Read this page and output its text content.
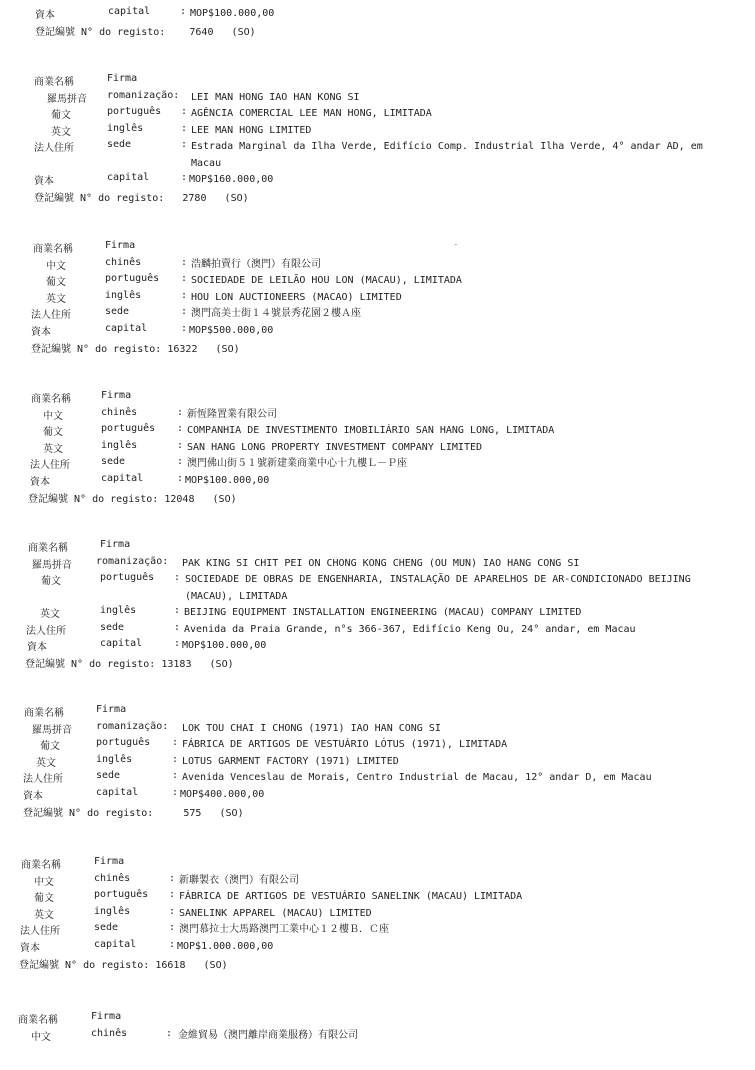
資本	capital	: MOP$100.000,00
登記編號 N° do registo: 7640 (SO)
商業名稱	Firma
羅馬拼音 romanização: LEI MAN HONG IAO HAN KONG SI
葡文	português : AGÊNCIA COMERCIAL LEE MAN HONG, LIMITADA
英文	inglês	: LEE MAN HONG LIMITED
法人住所	sede	: Estrada Marginal da Ilha Verde, Edifício Comp. Industrial Ilha Verde, 4° andar AD, em Macau
資本	capital	: MOP$160.000,00
登記編號 N° do registo: 2780 (SO)
商業名稱	Firma
中文	chinês	: 浩麟拍賣行（澳門）有限公司
葡文	português : SOCIEDADE DE LEILÃO HOU LON (MACAU), LIMITADA
英文	inglês	: HOU LON AUCTIONEERS (MACAO) LIMITED
法人住所	sede	: 澳門高美士街１４號景秀花園２樓Ａ座
資本	capital	: MOP$500.000,00
登記編號 N° do registo: 16322 (SO)
商業名稱	Firma
中文	chinês	: 新恆隆置業有限公司
葡文	português : COMPANHIA DE INVESTIMENTO IMOBILIÁRIO SAN HANG LONG, LIMITADA
英文	inglês	: SAN HANG LONG PROPERTY INVESTMENT COMPANY LIMITED
法人住所	sede	: 澳門佛山街５１號新建業商業中心十九樓Ｌ－Ｐ座
資本	capital	: MOP$100.000,00
登記編號 N° do registo: 12048 (SO)
商業名稱	Firma
羅馬拼音 romanização: PAK KING SI CHIT PEI ON CHONG KONG CHENG (OU MUN) IAO HANG CONG SI
葡文	português : SOCIEDADE DE OBRAS DE ENGENHARIA, INSTALAÇÃO DE APARELHOS DE AR-CONDICIONADO BEIJING (MACAU), LIMITADA
英文	inglês	: BEIJING EQUIPMENT INSTALLATION ENGINEERING (MACAU) COMPANY LIMITED
法人住所	sede	: Avenida da Praia Grande, n°s 366-367, Edifício Keng Ou, 24° andar, em Macau
資本	capital	: MOP$100.000,00
登記編號 N° do registo: 13183 (SO)
商業名稱	Firma
羅馬拼音 romanização: LOK TOU CHAI I CHONG (1971) IAO HAN CONG SI
葡文	português : FÁBRICA DE ARTIGOS DE VESTUÁRIO LÓTUS (1971), LIMITADA
英文	inglês	: LOTUS GARMENT FACTORY (1971) LIMITED
法人住所	sede	: Avenida Venceslau de Morais, Centro Industrial de Macau, 12° andar D, em Macau
資本	capital	: MOP$400.000,00
登記編號 N° do registo:	575 (SO)
商業名稱	Firma
中文	chinês	: 新聯製衣（澳門）有限公司
葡文	português : FÁBRICA DE ARTIGOS DE VESTUÁRIO SANELINK (MACAU) LIMITADA
英文	inglês	: SANELINK APPAREL (MACAU) LIMITED
法人住所	sede	: 澳門慕拉士大馬路澳門工業中心１２樓Ｂ．Ｃ座
資本	capital	: MOP$1.000.000,00
登記編號 N° do registo: 16618 (SO)
商業名稱	Firma
中文	chinês	: 金維貿易（澳門離岸商業服務）有限公司
